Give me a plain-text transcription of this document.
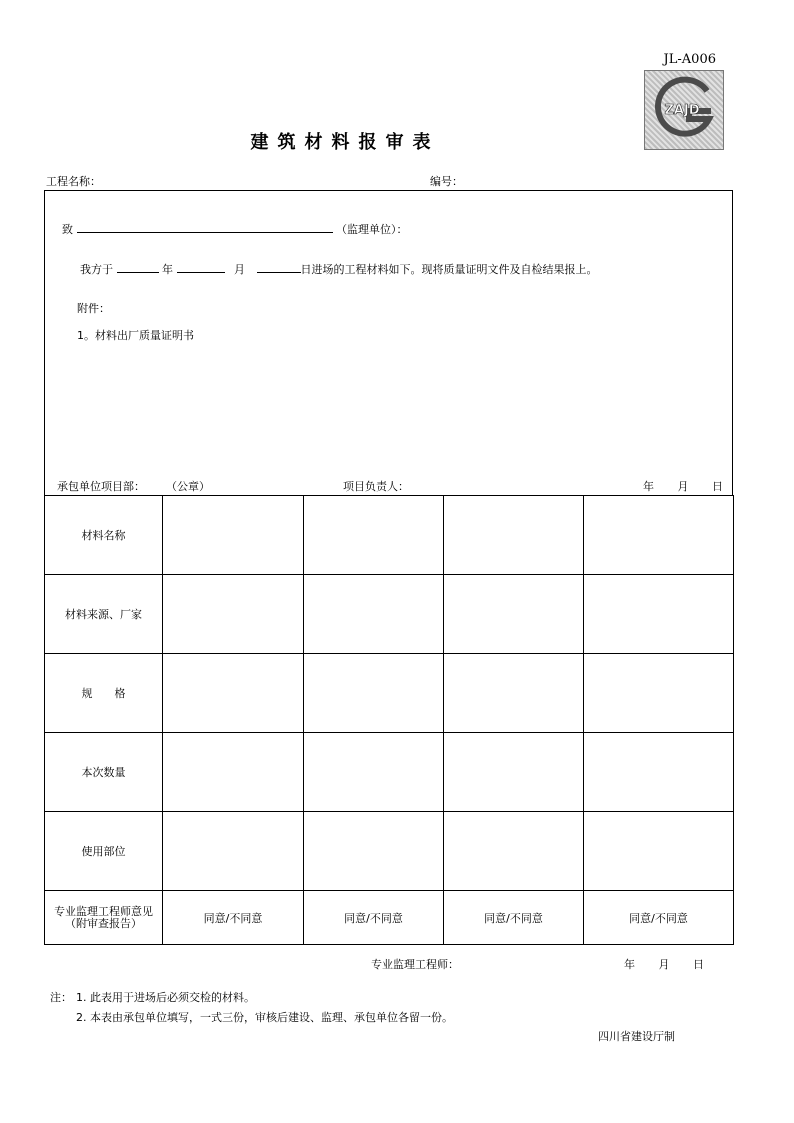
JL-A006
ZAJD
建筑材料报审表
工程名称：	编号：
致	（监理单位）：
我方于	年	月	日进场的工程材料如下。现将质量证明文件及自检结果报上。
附件：
1。材料出厂质量证明书
承包单位项目部： （公章）	项目负责人：	年 月 日
材料名称				
材料来源、厂家				
规　　格				
本次数量				
使用部位				

专业监理工程师意见
（附审查报告）	同意/不同意	同意/不同意	同意/不同意	同意/不同意
专业监理工程师：	年 月 日
注： 1. 此表用于进场后必须交检的材料。
2. 本表由承包单位填写，一式三份，审核后建设、监理、承包单位各留一份。
四川省建设厅制
